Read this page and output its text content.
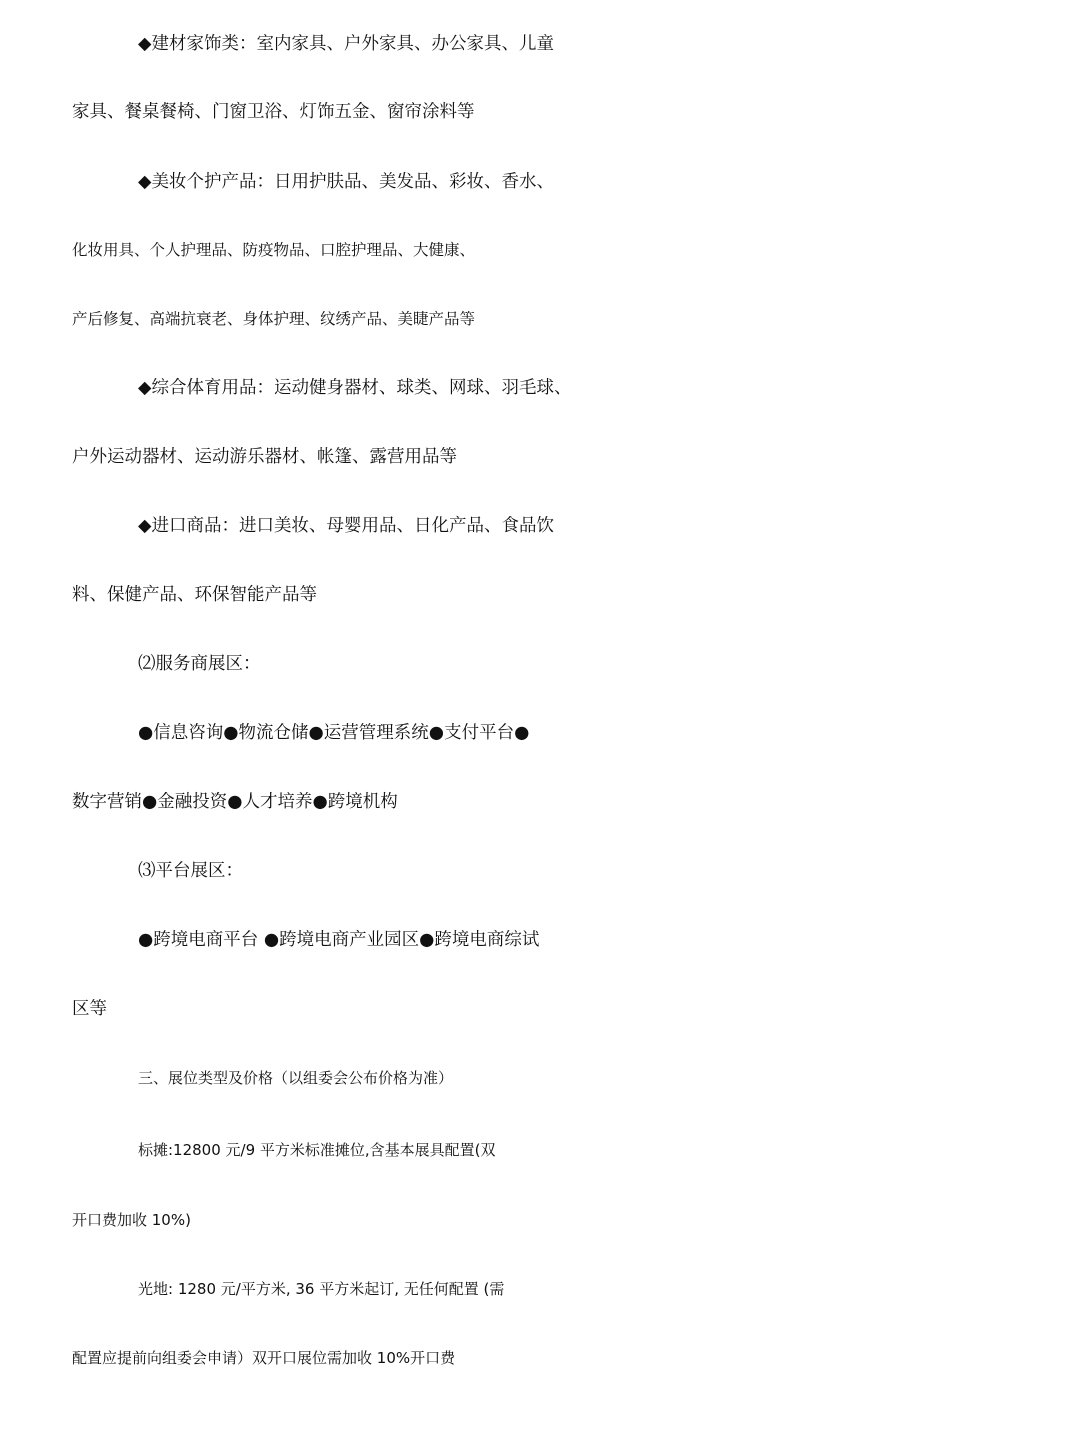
◆建材家饰类：室内家具、户外家具、办公家具、儿童
家具、餐桌餐椅、门窗卫浴、灯饰五金、窗帘涂料等
◆美妆个护产品：日用护肤品、美发品、彩妆、香水、
化妆用具、个人护理品、防疫物品、口腔护理品、大健康、
产后修复、高端抗衰老、身体护理、纹绣产品、美睫产品等
◆综合体育用品：运动健身器材、球类、网球、羽毛球、
户外运动器材、运动游乐器材、帐篷、露营用品等
◆进口商品：进口美妆、母婴用品、日化产品、食品饮
料、保健产品、环保智能产品等
⑵服务商展区：
●信息咨询●物流仓储●运营管理系统●支付平台●
数字营销●金融投资●人才培养●跨境机构
⑶平台展区：
●跨境电商平台 ●跨境电商产业园区●跨境电商综试
区等
三、展位类型及价格（以组委会公布价格为准）
标摊:12800 元/9 平方米标准摊位,含基本展具配置(双
开口费加收 10%)
光地: 1280 元/平方米, 36 平方米起订, 无任何配置 (需
配置应提前向组委会申请）双开口展位需加收 10%开口费
